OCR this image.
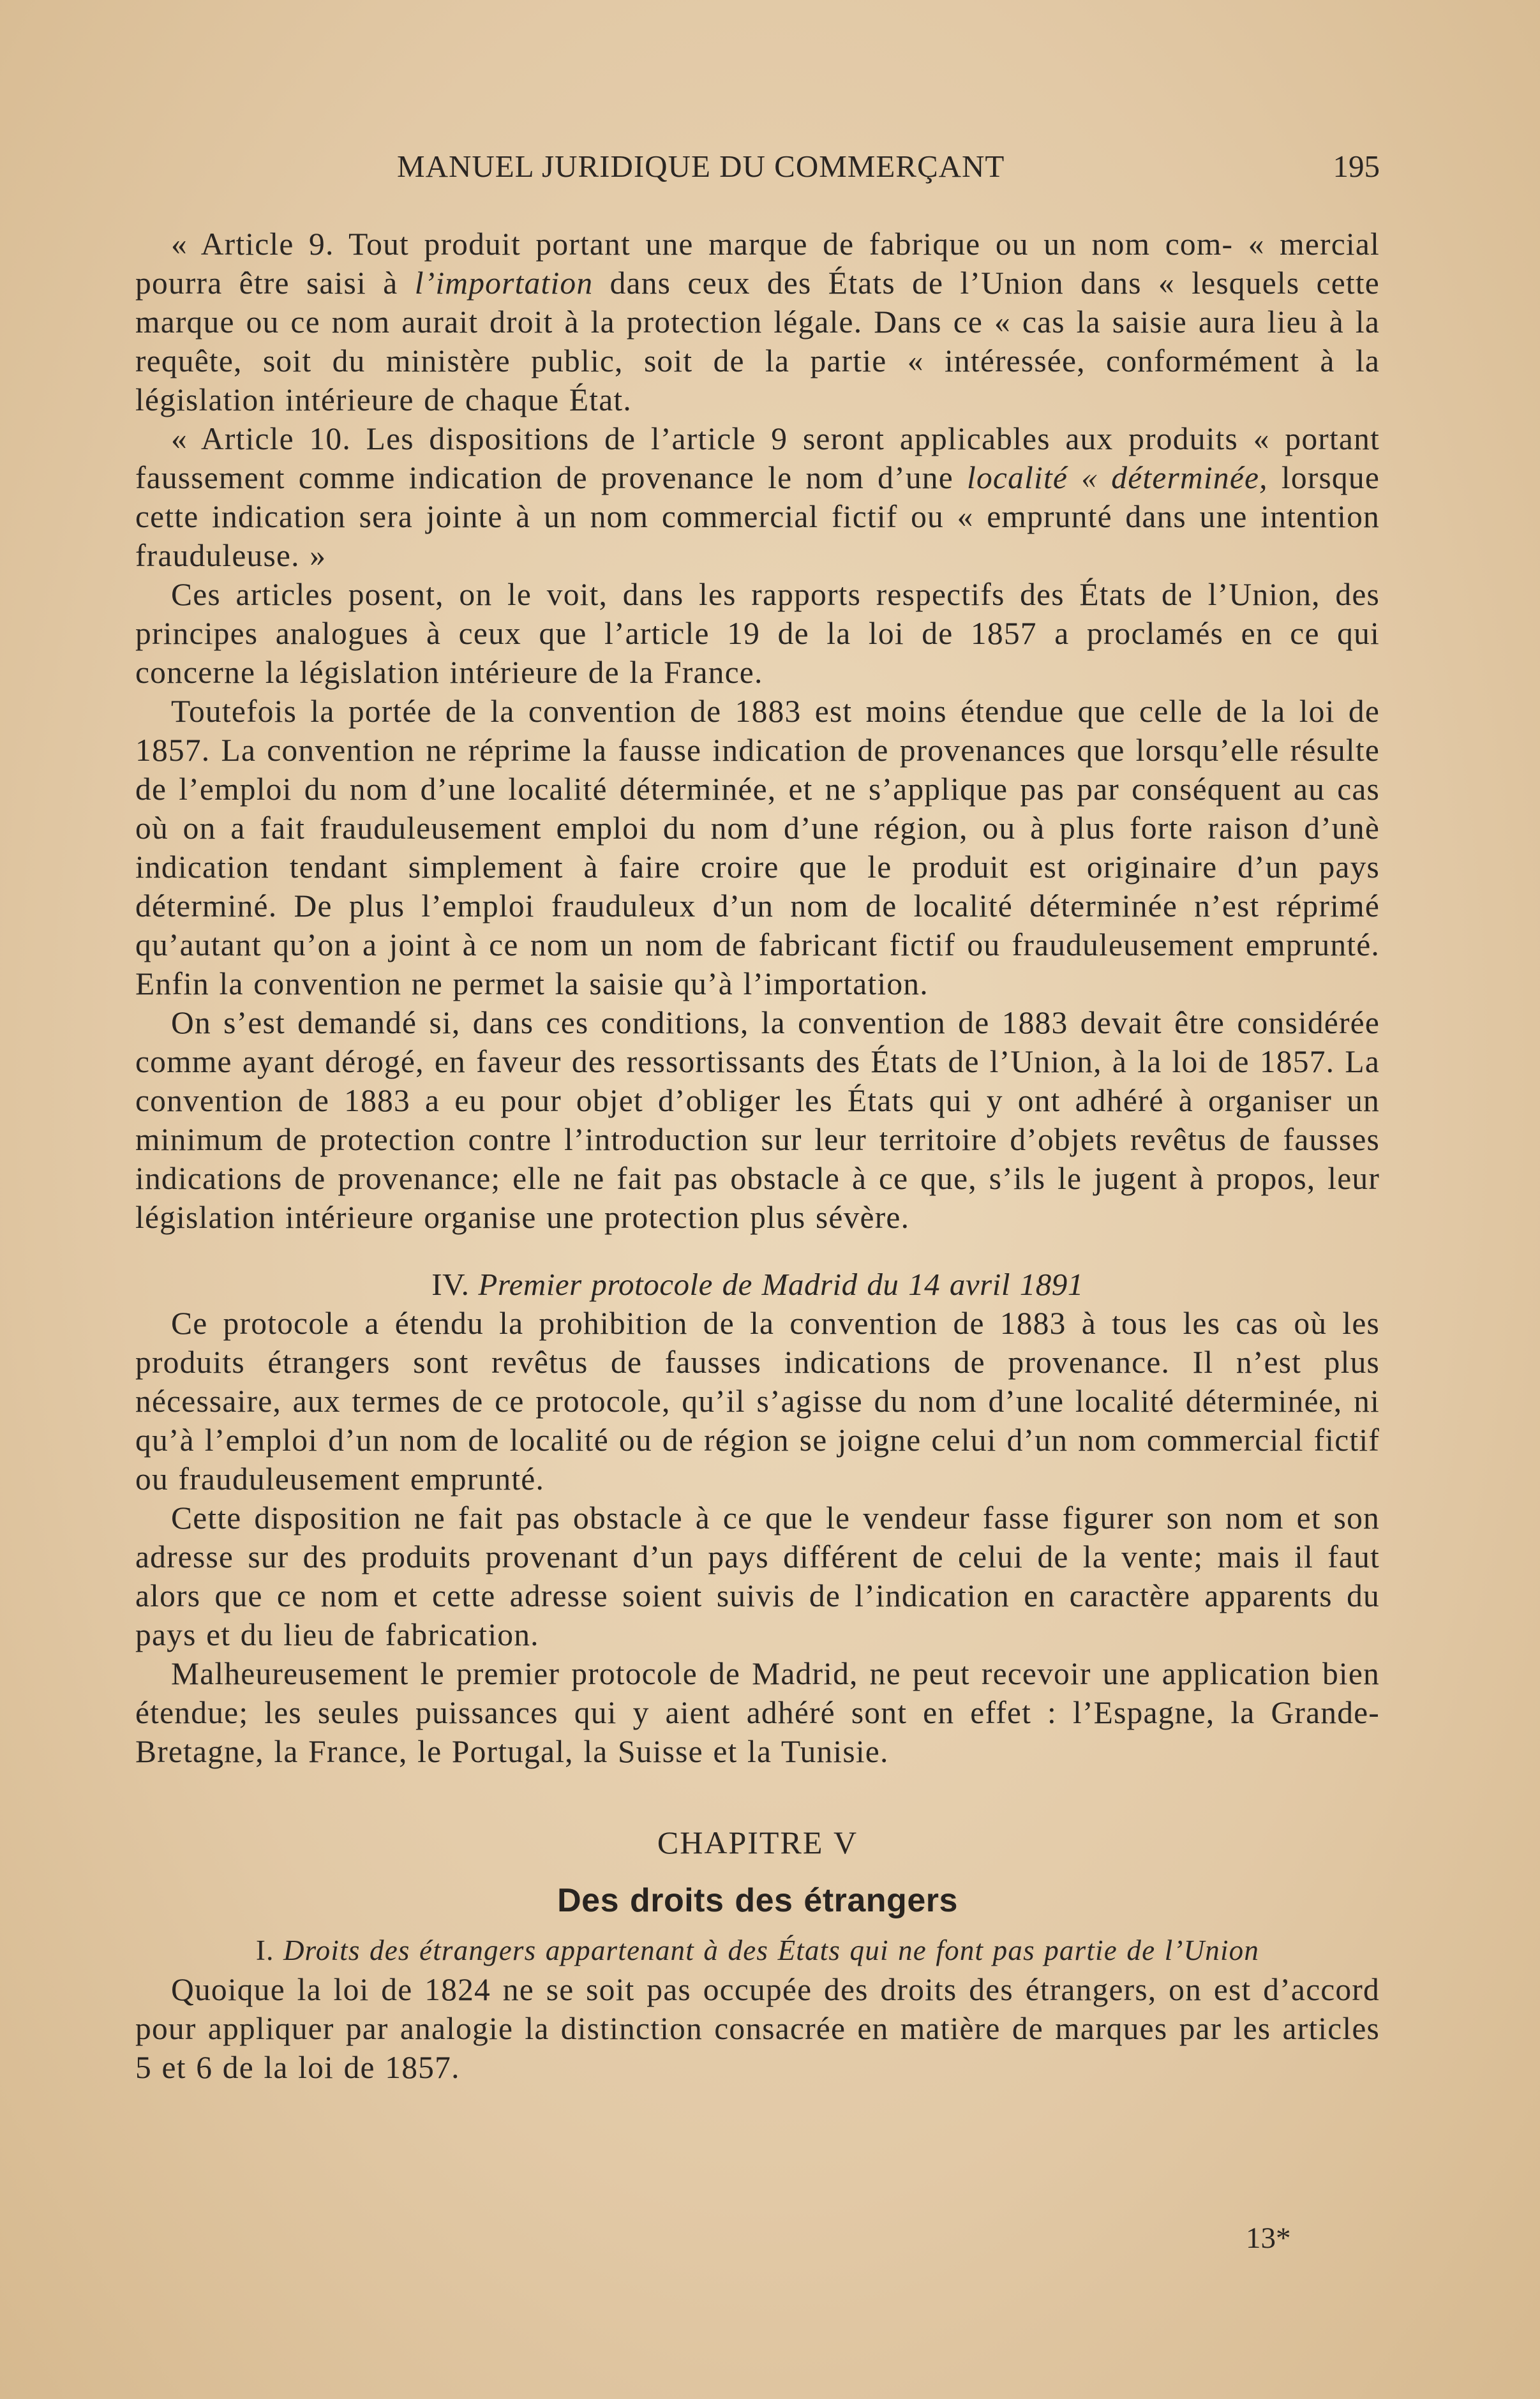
MANUEL JURIDIQUE DU COMMERÇANT	195

« Article 9. Tout produit portant une marque de fabrique ou un nom com- « mercial pourra être saisi à l’importation dans ceux des États de l’Union dans « lesquels cette marque ou ce nom aurait droit à la protection légale. Dans ce « cas la saisie aura lieu à la requête, soit du ministère public, soit de la partie « intéressée, conformément à la législation intérieure de chaque État.

« Article 10. Les dispositions de l’article 9 seront applicables aux produits « portant faussement comme indication de provenance le nom d’une localité « déterminée, lorsque cette indication sera jointe à un nom commercial fictif ou « emprunté dans une intention frauduleuse. »

Ces articles posent, on le voit, dans les rapports respectifs des États de l’Union, des principes analogues à ceux que l’article 19 de la loi de 1857 a proclamés en ce qui concerne la législation intérieure de la France.

Toutefois la portée de la convention de 1883 est moins étendue que celle de la loi de 1857. La convention ne réprime la fausse indication de provenances que lorsqu’elle résulte de l’emploi du nom d’une localité déterminée, et ne s’applique pas par conséquent au cas où on a fait frauduleusement emploi du nom d’une région, ou à plus forte raison d’unè indication tendant simplement à faire croire que le produit est originaire d’un pays déterminé. De plus l’emploi frauduleux d’un nom de localité déterminée n’est réprimé qu’autant qu’on a joint à ce nom un nom de fabricant fictif ou frauduleusement emprunté. Enfin la convention ne permet la saisie qu’à l’importation.

On s’est demandé si, dans ces conditions, la convention de 1883 devait être considérée comme ayant dérogé, en faveur des ressortissants des États de l’Union, à la loi de 1857. La convention de 1883 a eu pour objet d’obliger les États qui y ont adhéré à organiser un minimum de protection contre l’introduction sur leur territoire d’objets revêtus de fausses indications de provenance; elle ne fait pas obstacle à ce que, s’ils le jugent à propos, leur législation intérieure organise une protection plus sévère.

IV. Premier protocole de Madrid du 14 avril 1891

Ce protocole a étendu la prohibition de la convention de 1883 à tous les cas où les produits étrangers sont revêtus de fausses indications de provenance. Il n’est plus nécessaire, aux termes de ce protocole, qu’il s’agisse du nom d’une localité déterminée, ni qu’à l’emploi d’un nom de localité ou de région se joigne celui d’un nom commercial fictif ou frauduleusement emprunté.

Cette disposition ne fait pas obstacle à ce que le vendeur fasse figurer son nom et son adresse sur des produits provenant d’un pays différent de celui de la vente; mais il faut alors que ce nom et cette adresse soient suivis de l’indication en caractère apparents du pays et du lieu de fabrication.

Malheureusement le premier protocole de Madrid, ne peut recevoir une application bien étendue; les seules puissances qui y aient adhéré sont en effet : l’Espagne, la Grande-Bretagne, la France, le Portugal, la Suisse et la Tunisie.

CHAPITRE V
Des droits des étrangers
I. Droits des étrangers appartenant à des États qui ne font pas partie de l’Union

Quoique la loi de 1824 ne se soit pas occupée des droits des étrangers, on est d’accord pour appliquer par analogie la distinction consacrée en matière de marques par les articles 5 et 6 de la loi de 1857.

13*
